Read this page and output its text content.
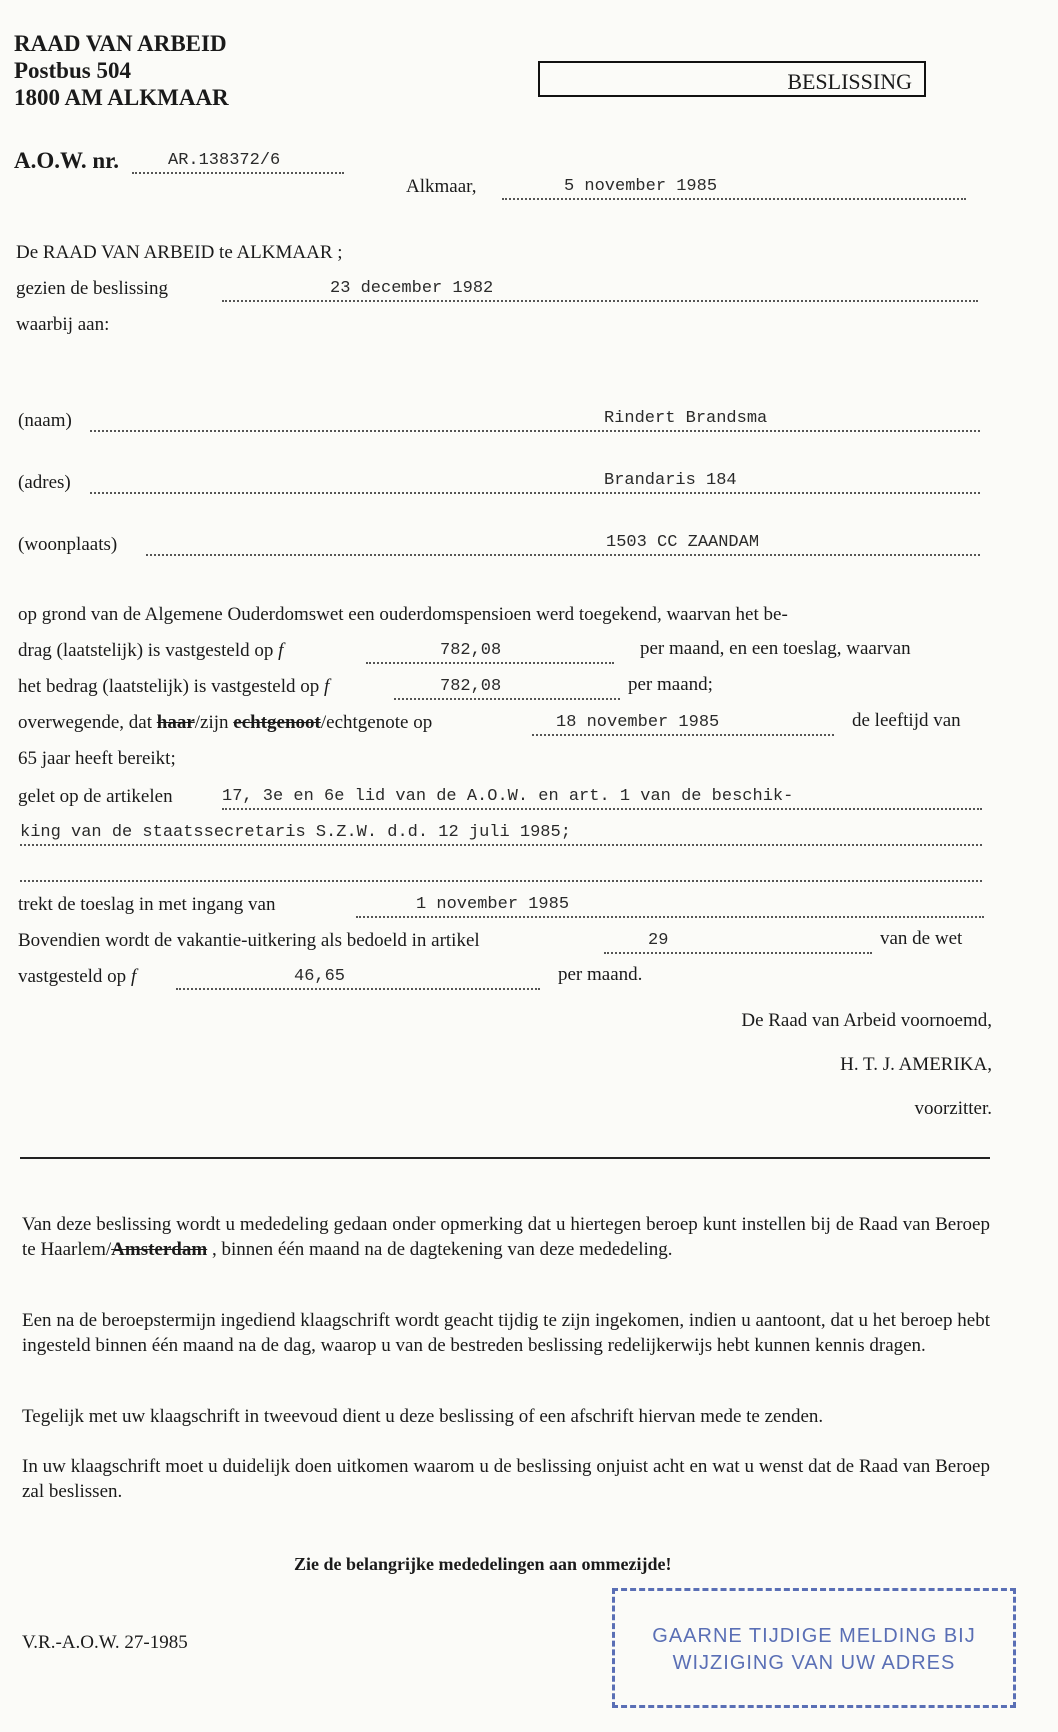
RAAD VAN ARBEID
Postbus 504
1800 AM ALKMAAR
BESLISSING
A.O.W. nr.	AR.138372/6
Alkmaar,	5 november 1985
De RAAD VAN ARBEID te ALKMAAR ;
gezien de beslissing	23 december 1982
waarbij aan:
(naam)	Rindert Brandsma
(adres)	Brandaris 184
(woonplaats)	1503 CC ZAANDAM
op grond van de Algemene Ouderdomswet een ouderdomspensioen werd toegekend, waarvan het be-
drag (laatstelijk) is vastgesteld op f	782,08	per maand, en een toeslag, waarvan
het bedrag (laatstelijk) is vastgesteld op f	782,08	per maand;
overwegende, dat haar/zijn echtgenoot/echtgenote op	18 november 1985	de leeftijd van
65 jaar heeft bereikt;
gelet op de artikelen	17, 3e en 6e lid van de A.O.W. en art. 1 van de beschik-
king van de staatssecretaris S.Z.W. d.d. 12 juli 1985;
trekt de toeslag in met ingang van	1 november 1985
Bovendien wordt de vakantie-uitkering als bedoeld in artikel	29	van de wet
vastgesteld op f	46,65	per maand.
De Raad van Arbeid voornoemd,
H. T. J. AMERIKA,
voorzitter.
Van deze beslissing wordt u mededeling gedaan onder opmerking dat u hiertegen beroep kunt instellen bij de Raad van Beroep te Haarlem/Amsterdam , binnen één maand na de dagtekening van deze mededeling.
Een na de beroepstermijn ingediend klaagschrift wordt geacht tijdig te zijn ingekomen, indien u aantoont, dat u het beroep hebt ingesteld binnen één maand na de dag, waarop u van de bestreden beslissing redelijkerwijs hebt kunnen kennis dragen.
Tegelijk met uw klaagschrift in tweevoud dient u deze beslissing of een afschrift hiervan mede te zenden.
In uw klaagschrift moet u duidelijk doen uitkomen waarom u de beslissing onjuist acht en wat u wenst dat de Raad van Beroep zal beslissen.
Zie de belangrijke mededelingen aan ommezijde!
V.R.-A.O.W. 27-1985	GAARNE TIJDIGE MELDING BIJ
WIJZIGING VAN UW ADRES
